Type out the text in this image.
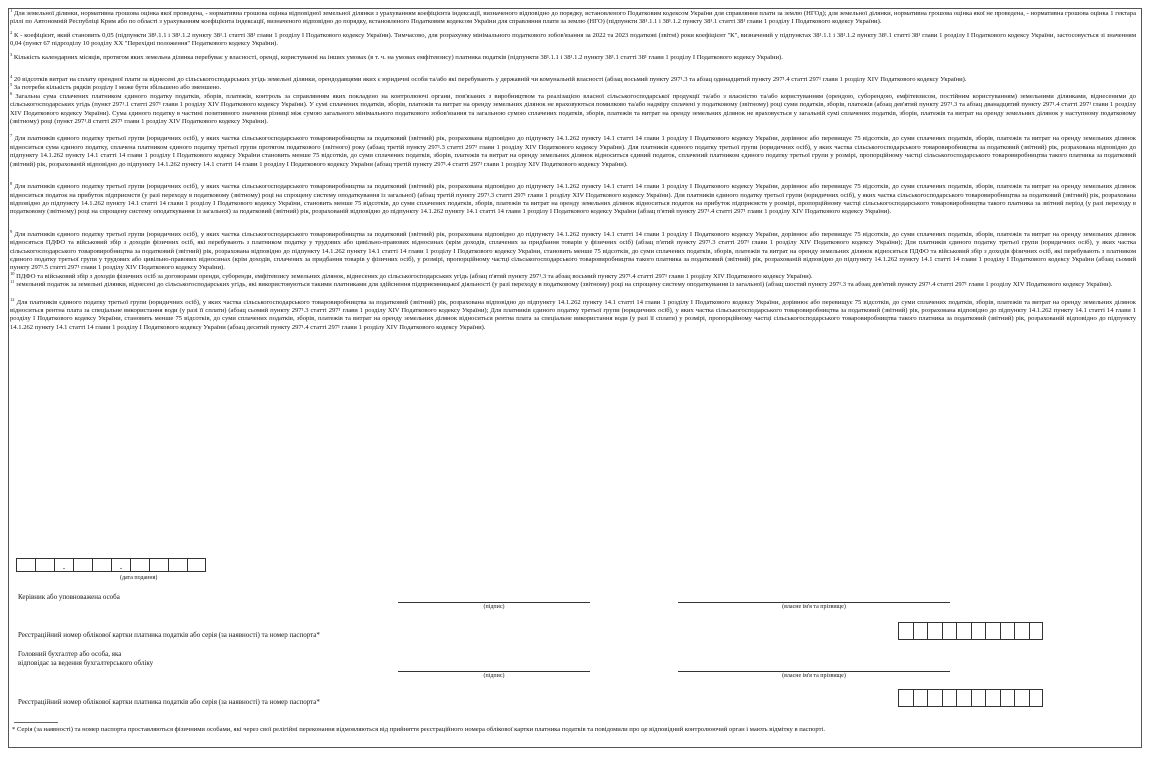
$^1$ Для земельної ділянки, нормативна грошова оцінка якої проведена, - нормативна грошова оцінка відповідної земельної ділянки з урахуванням коефіцієнта індексації, визначеного відповідно до порядку, встановленого Податковим кодексом України для справляння плати за землю (НГОд); для земельної ділянки, нормативна грошова оцінка якої не проведена, - нормативна грошова оцінка 1 гектара ріллі по Автономній Республіці Крим або по області з урахуванням коефіцієнта індексації, визначеного відповідно до порядку, встановленого Податковим кодексом України для справляння плати за землю (НГО) (підпункти 38¹.1.1 і 38¹.1.2 пункту 38¹.1 статті 38¹ глави 1 розділу I Податкового кодексу України).

$^2$ К - коефіцієнт, який становить 0,05 (підпункти 38¹.1.1 і 38¹.1.2 пункту 38¹.1 статті 38¹ глави 1 розділу I Податкового кодексу України). Тимчасово, для розрахунку мінімального податкового зобов'язання за 2022 та 2023 податкові (звітні) роки коефіцієнт "К", визначений у підпунктах 38¹.1.1 і 38¹.1.2 пункту 38¹.1 статті 38¹ глави 1 розділу I Податкового кодексу України, застосовується зі значенням 0,04 (пункт 67 підрозділу 10 розділу XX "Перехідні положення" Податкового кодексу України).

$^3$ Кількість календарних місяців, протягом яких земельна ділянка перебуває у власності, оренді, користуванні на інших умовах (в т. ч. на умовах емфітевзису) платника податків (підпункти 38¹.1.1 і 38¹.1.2 пункту 38¹.1 статті 38¹ глави 1 розділу I Податкового кодексу України).

$^4$ 20 відсотків витрат на сплату орендної плати за віднесені до сільськогосподарських угідь земельні ділянки, орендодавцями яких є юридичні особи та/або які перебувають у державній чи комунальній власності (абзац восьмий пункту 297¹.3 та абзац одинадцятий пункту 297¹.4 статті 297¹ глави 1 розділу XIV Податкового кодексу України).

$^5$ За потреби кількість рядків розділу I може бути збільшено або зменшено.

$^6$ Загальна сума сплачених платником єдиного податку податків, зборів, платежів, контроль за справлянням яких покладено на контролюючі органи, пов'язаних з виробництвом та реалізацією власної сільськогосподарської продукції та/або з власністю та/або користуванням (орендою, суборендою, емфітевзисом, постійним користуванням) земельними ділянками, віднесеними до сільськогосподарських угідь (пункт 297¹.1 статті 297¹ глави 1 розділу XIV Податкового кодексу України). У сумі сплачених податків, зборів, платежів та витрат на оренду земельних ділянок не враховуються помилково та/або надміру сплачені у податковому (звітному) році суми податків, зборів, платежів (абзац дев'ятий пункту 297¹.3 та абзац дванадцятий пункту 297¹.4 статті 297¹ глави 1 розділу XIV Податкового кодексу України). Сума єдиного податку в частині позитивного значення різниці між сумою загального мінімального податкового зобов'язання та загальною сумою сплачених податків, зборів, платежів та витрат на оренду земельних ділянок не враховується у загальній сумі сплачених податків, зборів, платежів та витрат на оренду земельних ділянок у наступному податковому (звітному) році (пункт 297¹.8 статті 297¹ глави 1 розділу XIV Податкового кодексу України).

$^7$ Для платників єдиного податку третьої групи (юридичних осіб), у яких частка сільськогосподарського товаровиробництва за податковий (звітний) рік, розрахована відповідно до підпункту 14.1.262 пункту 14.1 статті 14 глави 1 розділу I Податкового кодексу України, дорівнює або перевищує 75 відсотків, до суми сплачених податків, зборів, платежів та витрат на оренду земельних ділянок відноситься сума єдиного податку, сплачена платником єдиного податку третьої групи протягом податкового (звітного) року (абзац третій пункту 297¹.3 статті 297¹ глави 1 розділу XIV Податкового кодексу України). Для платників єдиного податку третьої групи (юридичних осіб), у яких частка сільськогосподарського товаровиробництва за податковий (звітний) рік, розрахована відповідно до підпункту 14.1.262 пункту 14.1 статті 14 глави 1 розділу I Податкового кодексу України становить менше 75 відсотків, до суми сплачених податків, зборів, платежів та витрат на оренду земельних ділянок відноситься єдиний податок, сплачений платником єдиного податку третьої групи у розмірі, пропорційному частці сільськогосподарського товаровиробництва такого платника за податковий (звітний) рік, розрахованій відповідно до підпункту 14.1.262 пункту 14.1 статті 14 глави 1 розділу I Податкового кодексу України (абзац третій пункту 297¹.4 статті 297¹ глави 1 розділу XIV Податкового кодексу України).

$^8$ Для платників єдиного податку третьої групи (юридичних осіб), у яких частка сільськогосподарського товаровиробництва за податковий (звітний) рік, розрахована відповідно до підпункту 14.1.262 пункту 14.1 статті 14 глави 1 розділу I Податкового кодексу України, дорівнює або перевищує 75 відсотків, до суми сплачених податків, зборів, платежів та витрат на оренду земельних ділянок відноситься податок на прибуток підприємств (у разі переходу в податковому (звітному) році на спрощену систему оподаткування із загальної) (абзац третій пункту 297¹.3 статті 297¹ глави 1 розділу XIV Податкового кодексу України). Для платників єдиного податку третьої групи (юридичних осіб), у яких частка сільськогосподарського товаровиробництва за податковий (звітний) рік, розрахована відповідно до підпункту 14.1.262 пункту 14.1 статті 14 глави 1 розділу I Податкового кодексу України, становить менше 75 відсотків, до суми сплачених податків, зборів, платежів та витрат на оренду земельних ділянок відноситься податок на прибуток підприємств у розмірі, пропорційному частці сільськогосподарського товаровиробництва такого платника за звітний період (у разі переходу в податковому (звітному) році на спрощену систему оподаткування із загальної) за податковий (звітний) рік, розрахованій відповідно до підпункту 14.1.262 пункту 14.1 статті 14 глави 1 розділу I Податкового кодексу України (абзац п'ятий пункту 297¹.4 статті 297¹ глави 1 розділу XIV Податкового кодексу України).

$^9$ Для платників єдиного податку третьої групи (юридичних осіб), у яких частка сільськогосподарського товаровиробництва за податковий (звітний) рік, розрахована відповідно до підпункту 14.1.262 пункту 14.1 статті 14 глави 1 розділу I Податкового кодексу України, дорівнює або перевищує 75 відсотків, до суми сплачених податків, зборів, платежів та витрат на оренду земельних ділянок відносяться ПДФО та військовий збір з доходів фізичних осіб, які перебувають з платником податку у трудових або цивільно-правових відносинах (крім доходів, сплачених за придбання товарів у фізичних осіб) (абзац п'ятий пункту 297¹.3 статті 297¹ глави 1 розділу XIV Податкового кодексу України); Для платників єдиного податку третьої групи (юридичних осіб), у яких частка сільськогосподарського товаровиробництва за податковий (звітний) рік, розрахована відповідно до підпункту 14.1.262 пункту 14.1 статті 14 глави 1 розділу I Податкового кодексу України, становить менше 75 відсотків, до суми сплачених податків, зборів, платежів та витрат на оренду земельних ділянок відносяться ПДФО та військовий збір з доходів фізичних осіб, які перебувають з платником єдиного податку третьої групи у трудових або цивільно-правових відносинах (крім доходів, сплачених за придбання товарів у фізичних осіб), у розмірі, пропорційному частці сільськогосподарського товаровиробництва такого платника за податковий (звітний) рік, розрахованій відповідно до підпункту 14.1.262 пункту 14.1 статті 14 глави 1 розділу I Податкового кодексу України (абзац сьомий пункту 297¹.5 статті 297¹ глави 1 розділу XIV Податкового кодексу України).

$^{10}$ ПДФО та військовий збір з доходів фізичних осіб за договорами оренди, суборенди, емфітевзису земельних ділянок, віднесених до сільськогосподарських угідь (абзац п'ятий пункту 297¹.3 та абзац восьмий пункту 297¹.4 статті 297¹ глави 1 розділу XIV Податкового кодексу України).

$^{11}$ земельний податок за земельні ділянки, віднесені до сільськогосподарських угідь, які використовуються такими платниками для здійснення підприємницької діяльності (у разі переходу в податковому (звітному) році на спрощену систему оподаткування із загальної) (абзац шостий пункту 297¹.3 та абзац дев'ятий пункту 297¹.4 статті 297¹ глави 1 розділу XIV Податкового кодексу України).

$^{12}$ Для платників єдиного податку третьої групи (юридичних осіб), у яких частка сільськогосподарського товаровиробництва за податковий (звітний) рік, розрахована відповідно до підпункту 14.1.262 пункту 14.1 статті 14 глави 1 розділу I Податкового кодексу України, дорівнює або перевищує 75 відсотків, до суми сплачених податків, зборів, платежів та витрат на оренду земельних ділянок відноситься рентна плата за спеціальне використання води (у разі її сплати) (абзац сьомий пункту 297¹.3 статті 297¹ глави 1 розділу XIV Податкового кодексу України); Для платників єдиного податку третьої групи (юридичних осіб), у яких частка сільськогосподарського товаровиробництва за податковий (звітний) рік, розрахована відповідно до підпункту 14.1.262 пункту 14.1 статті 14 глави 1 розділу I Податкового кодексу України, становить менше 75 відсотків, до суми сплачених податків, зборів, платежів та витрат на оренду земельних ділянок відноситься рентна плата за спеціальне використання води (у разі її сплати) у розмірі, пропорційному частці сільськогосподарського товаровиробництва такого платника за податковий (звітний) рік, розрахованій відповідно до підпункту 14.1.262 пункту 14.1 статті 14 глави 1 розділу I Податкового кодексу України (абзац десятий пункту 297¹.4 статті 297¹ глави 1 розділу XIV Податкового кодексу України).

.	.
(дата подання)
Керівник або уповноважена особа
(підпис)	(власне ім'я та прізвище)
Реєстраційний номер облікової картки платника податків або серія (за наявності) та номер паспорта*
Головний бухгалтер або особа, яка
відповідає за ведення бухгалтерського обліку
(підпис)	(власне ім'я та прізвище)
Реєстраційний номер облікової картки платника податків або серія (за наявності) та номер паспорта*
* Серія (за наявності) та номер паспорта проставляються фізичними особами, які через свої релігійні переконання відмовляються від прийняття реєстраційного номера облікової картки платника податків та повідомили про це відповідний контролюючий орган і мають відмітку в паспорті.
